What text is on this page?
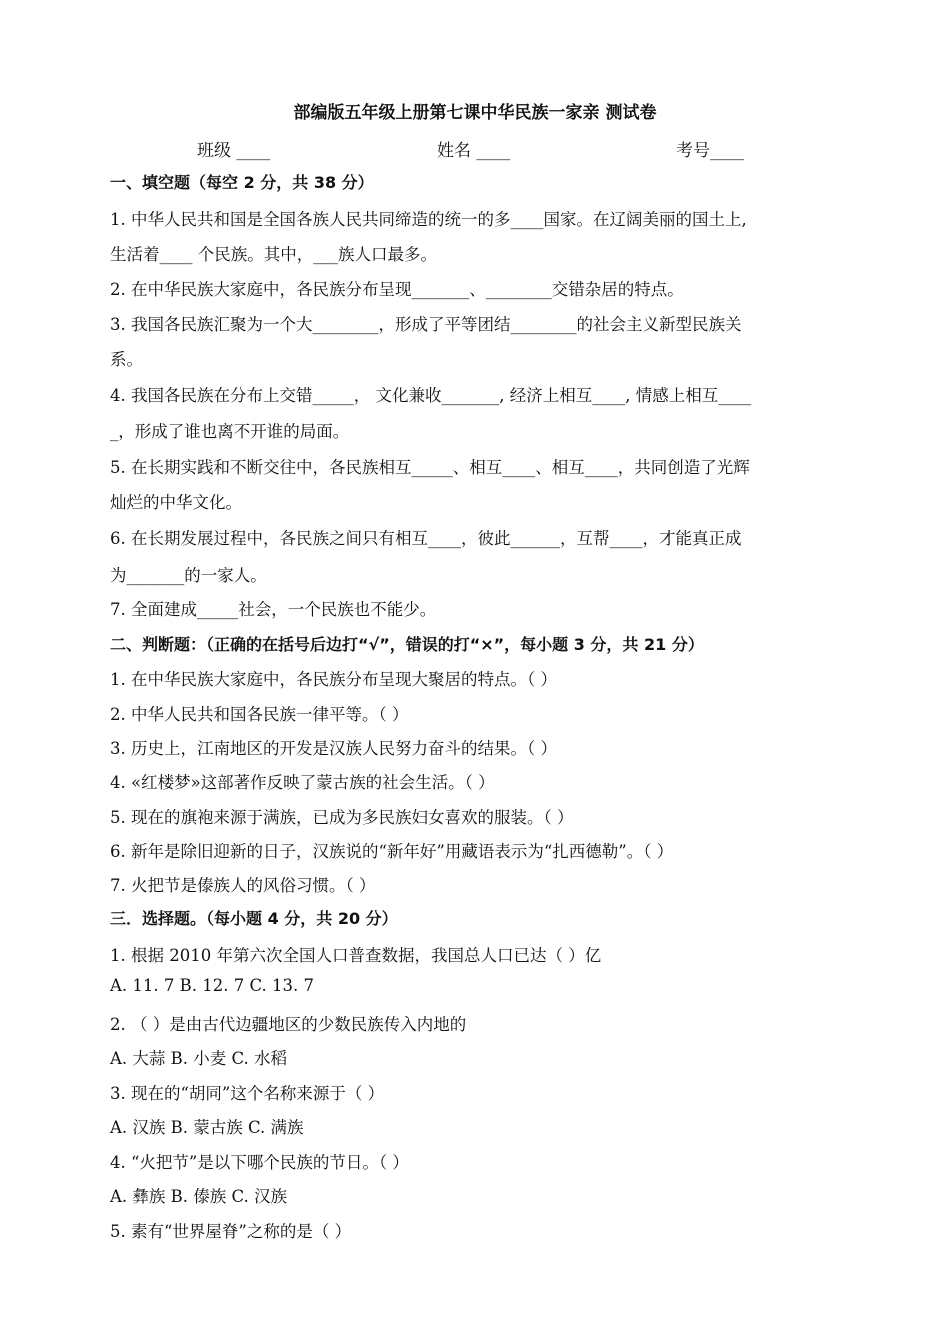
部编版五年级上册第七课中华民族一家亲 测试卷
班级 ____	姓名 ____	考号____
一、填空题（每空 2 分，共 38 分）
1. 中华人民共和国是全国各族人民共同缔造的统一的多____国家。在辽阔美丽的国土上,
生活着____ 个民族。其中，___族人口最多。
2. 在中华民族大家庭中，各民族分布呈现_______、________交错杂居的特点。
3. 我国各民族汇聚为一个大________，形成了平等团结________的社会主义新型民族关
系。
4. 我国各民族在分布上交错_____， 文化兼收_______, 经济上相互____, 情感上相互____
_，形成了谁也离不开谁的局面。
5. 在长期实践和不断交往中，各民族相互_____、相互____、相互____，共同创造了光辉
灿烂的中华文化。
6. 在长期发展过程中，各民族之间只有相互____，彼此______，互帮____，才能真正成
为_______的一家人。
7. 全面建成_____社会，一个民族也不能少。
二、判断题：（正确的在括号后边打“√”，错误的打“×”，每小题 3 分，共 21 分）
1. 在中华民族大家庭中，各民族分布呈现大聚居的特点。（ ）
2. 中华人民共和国各民族一律平等。（ ）
3. 历史上，江南地区的开发是汉族人民努力奋斗的结果。（ ）
4. «红楼梦»这部著作反映了蒙古族的社会生活。（ ）
5. 现在的旗袍来源于满族，已成为多民族妇女喜欢的服装。（ ）
6. 新年是除旧迎新的日子，汉族说的“新年好”用藏语表示为“扎西德勒”。（ ）
7. 火把节是傣族人的风俗习惯。（ ）
三．选择题。（每小题 4 分，共 20 分）
1. 根据 2010 年第六次全国人口普查数据，我国总人口已达（ ）亿
A. 11. 7 B. 12. 7 C. 13. 7
2. （ ）是由古代边疆地区的少数民族传入内地的
A. 大蒜 B. 小麦 C. 水稻
3. 现在的“胡同”这个名称来源于（ ）
A. 汉族 B. 蒙古族 C. 满族
4. “火把节”是以下哪个民族的节日。（ ）
A. 彝族 B. 傣族 C. 汉族
5. 素有“世界屋脊”之称的是（ ）
